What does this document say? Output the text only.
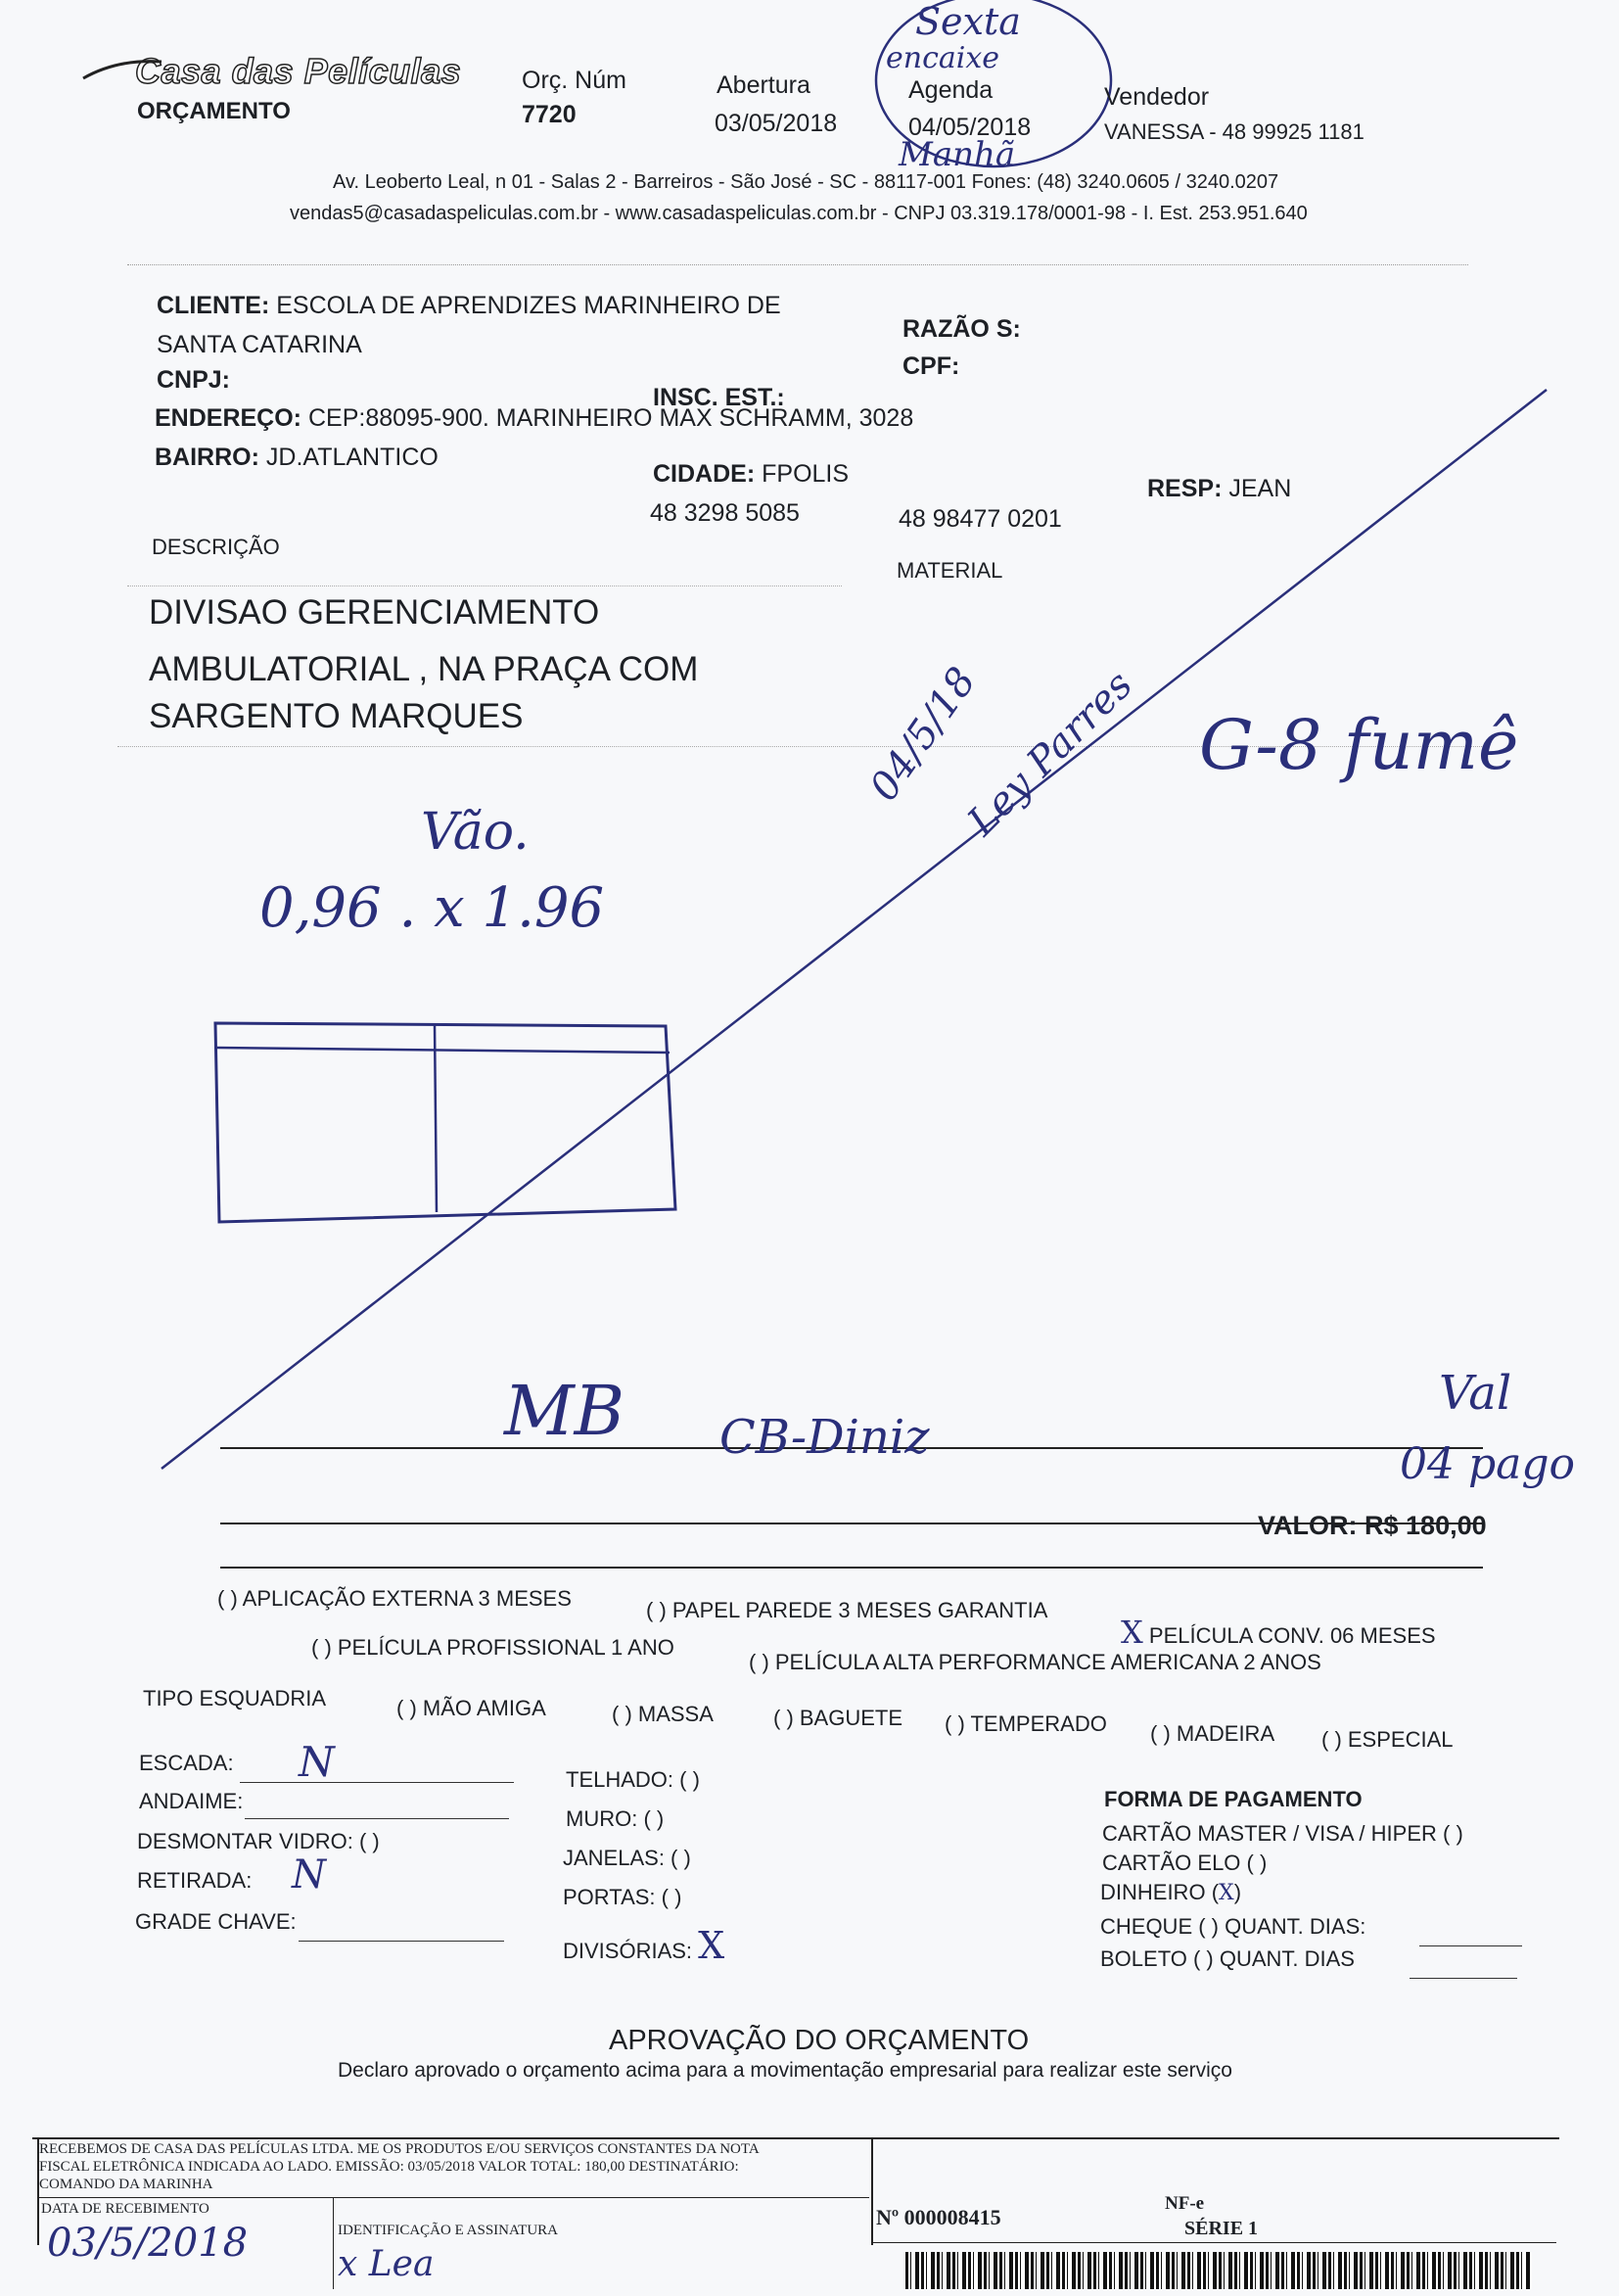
Casa das Películas
ORÇAMENTO
Orç. Núm
7720
Abertura
03/05/2018
Agenda
04/05/2018
Sexta
encaixe
Manhã
Vendedor
VANESSA - 48 99925 1181
Av. Leoberto Leal, n 01 - Salas 2 - Barreiros - São José - SC - 88117-001 Fones: (48) 3240.0605 / 3240.0207
vendas5@casadaspeliculas.com.br - www.casadaspeliculas.com.br - CNPJ 03.319.178/0001-98 - I. Est. 253.951.640
CLIENTE: ESCOLA DE APRENDIZES MARINHEIRO DE
SANTA CATARINA
RAZÃO S:
CPF:
CNPJ:
INSC. EST.:
ENDEREÇO: CEP:88095-900. MARINHEIRO MAX SCHRAMM, 3028
BAIRRO: JD.ATLANTICO
CIDADE: FPOLIS
48 3298 5085	48 98477 0201
RESP: JEAN
DESCRIÇÃO
MATERIAL
DIVISAO GERENCIAMENTO
AMBULATORIAL , NA PRAÇA COM
SARGENTO MARQUES	G-8 fumê
04/5/18
Ley Parres
Vão.
0,96 . x 1.96
MB CB-Diniz
Val
04 pago
VALOR: R$ 180,00
( ) APLICAÇÃO EXTERNA 3 MESES	( ) PAPEL PAREDE 3 MESES GARANTIA
X PELÍCULA CONV. 06 MESES
( ) PELÍCULA PROFISSIONAL 1 ANO
( ) PELÍCULA ALTA PERFORMANCE AMERICANA 2 ANOS
TIPO ESQUADRIA	( ) MÃO AMIGA	( ) MASSA	( ) BAGUETE ( ) TEMPERADO ( ) MADEIRA ( ) ESPECIAL
ESCADA: N
ANDAIME:
DESMONTAR VIDRO: ( )
RETIRADA: N
GRADE CHAVE:
TELHADO: ( )
MURO: ( )
JANELAS: ( )
PORTAS: ( )
DIVISÓRIAS: X
FORMA DE PAGAMENTO
CARTÃO MASTER / VISA / HIPER ( )
CARTÃO ELO ( )
DINHEIRO (X)
CHEQUE ( ) QUANT. DIAS:
BOLETO ( ) QUANT. DIAS
APROVAÇÃO DO ORÇAMENTO
Declaro aprovado o orçamento acima para a movimentação empresarial para realizar este serviço
RECEBEMOS DE CASA DAS PELÍCULAS LTDA. ME OS PRODUTOS E/OU SERVIÇOS CONSTANTES DA NOTA
FISCAL ELETRÔNICA INDICADA AO LADO. EMISSÃO: 03/05/2018 VALOR TOTAL: 180,00 DESTINATÁRIO:
COMANDO DA MARINHA
DATA DE RECEBIMENTO
IDENTIFICAÇÃO E ASSINATURA
03/5/2018	x Lea
Nº 000008415
NF-e
SÉRIE 1
